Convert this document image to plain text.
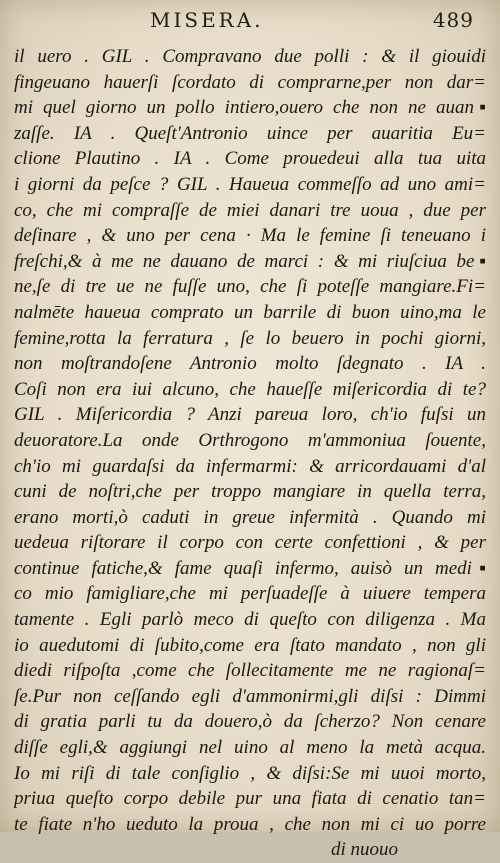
MISERA.	489
il uero . GIL . Compravano due polli : & il giouidi
fingeuano hauerſi ſcordato di comprarne,per non dar=
mi quel giorno un pollo intiero,ouero che non ne auan▪
zaſſe. IA . Queſt'Antronio uince per auaritia Eu=
clione Plautino . IA . Come prouedeui alla tua uita
i giorni da peſce ? GIL . Haueua commeſſo ad uno ami=
co, che mi compraſſe de miei danari tre uoua , due per
deſinare , & uno per cena · Ma le femine ſi teneuano i
freſchi,& à me ne dauano de marci : & mi riuſciua be▪
ne,ſe di tre ue ne fuſſe uno, che ſi poteſſe mangiare.Fi=
nalmēte haueua comprato un barrile di buon uino,ma le
femine,rotta la ferratura , ſe lo beuero in pochi giorni,
non moſtrandoſene Antronio molto ſdegnato . IA .
Coſi non era iui alcuno, che haueſſe miſericordia di te?
GIL . Miſericordia ? Anzi pareua loro, ch'io fuſsi un
deuoratore.La onde Orthrogono m'ammoniua ſouente,
ch'io mi guardaſsi da infermarmi: & arricordauami d'al
cuni de noſtri,che per troppo mangiare in quella terra,
erano morti,ò caduti in greue infermità . Quando mi
uedeua riſtorare il corpo con certe confettioni , & per
continue fatiche,& fame quaſi infermo, auisò un medi▪
co mio famigliare,che mi perſuadeſſe à uiuere tempera
tamente . Egli parlò meco di queſto con diligenza . Ma
io auedutomi di ſubito,come era ſtato mandato , non gli
diedi riſpoſta ,come che ſollecitamente me ne ragionaſ=
ſe.Pur non ceſſando egli d'ammonirmi,gli diſsi : Dimmi
di gratia parli tu da douero,ò da ſcherzo? Non cenare
diſſe egli,& aggiungi nel uino al meno la metà acqua.
Io mi riſi di tale conſiglio , & diſsi:Se mi uuoi morto,
priua queſto corpo debile pur una fiata di cenatio tan=
te fiate n'ho ueduto la proua , che non mi ci uo porre
di nuouo
